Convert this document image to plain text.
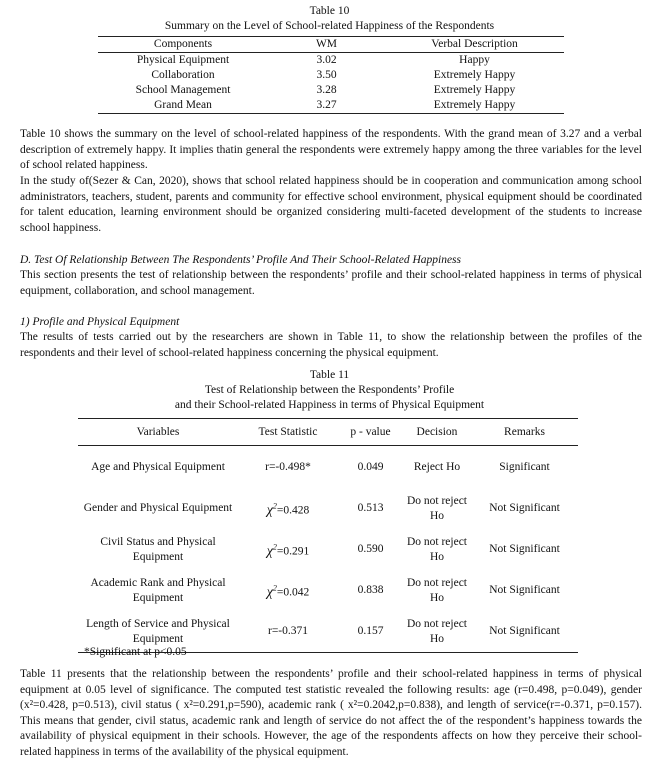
Table 10
Summary on the Level of School-related Happiness of the Respondents
Components	WM	Verbal Description
Physical Equipment	3.02	Happy
Collaboration	3.50	Extremely Happy
School Management	3.28	Extremely Happy
Grand Mean	3.27	Extremely Happy

Table 10 shows the summary on the level of school-related happiness of the respondents. With the grand mean of 3.27 and a verbal description of extremely happy. It implies thatin general the respondents were extremely happy among the three variables for the level of school related happiness.

In the study of(Sezer & Can, 2020), shows that school related happiness should be in cooperation and communication among school administrators, teachers, student, parents and community for effective school environment, physical equipment should be coordinated for talent education, learning environment should be organized considering multi-faceted development of the students to increase school happiness.

D. Test Of Relationship Between The Respondents’ Profile And Their School-Related Happiness

This section presents the test of relationship between the respondents’ profile and their school-related happiness in terms of physical equipment, collaboration, and school management.

1) Profile and Physical Equipment

The results of tests carried out by the researchers are shown in Table 11, to show the relationship between the profiles of the respondents and their level of school-related happiness concerning the physical equipment.

Table 11
Test of Relationship between the Respondents’ Profile
and their School-related Happiness in terms of Physical Equipment
Variables	Test Statistic	p - value	Decision	Remarks
Age and Physical Equipment	r=-0.498*	0.049	Reject Ho	Significant
Gender and Physical Equipment	$\chi^2=0.428$	0.513	Do not reject Ho	Not Significant
Civil Status and Physical Equipment	$\chi^2=0.291$	0.590	Do not reject Ho	Not Significant
Academic Rank and Physical Equipment	$\chi^2=0.042$	0.838	Do not reject Ho	Not Significant
Length of Service and Physical Equipment	r=-0.371	0.157	Do not reject Ho	Not Significant
*Significant at p<0.05

Table 11 presents that the relationship between the respondents’ profile and their school-related happiness in terms of physical equipment at 0.05 level of significance. The computed test statistic revealed the following results: age (r=0.498, p=0.049), gender (x²=0.428, p=0.513), civil status ( x²=0.291,p=590), academic rank ( x²=0.2042,p=0.838), and length of service(r=-0.371, p=0.157). This means that gender, civil status, academic rank and length of service do not affect the of the respondent’s happiness towards the availability of physical equipment in their schools. However, the age of the respondents affects on how they perceive their school-related happiness in terms of the availability of the physical equipment.
